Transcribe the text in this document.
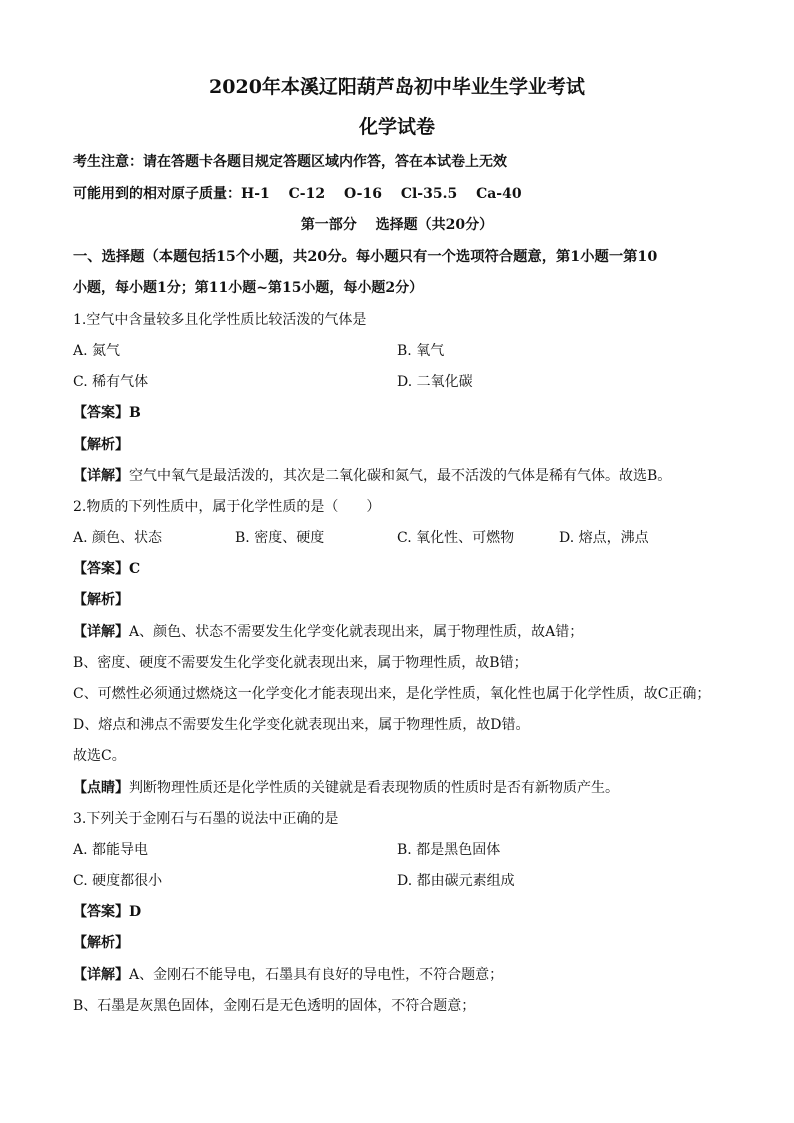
2020年本溪辽阳葫芦岛初中毕业生学业考试
化学试卷
考生注意：请在答题卡各题目规定答题区域内作答，答在本试卷上无效
可能用到的相对原子质量：H-1　 C-12　 O-16　 Cl-35.5　 Ca-40
第一部分　 选择题（共20分）
一、选择题（本题包括15个小题，共20分。每小题只有一个选项符合题意，第1小题一第10
小题，每小题1分；第11小题~第15小题，每小题2分）
1.空气中含量较多且化学性质比较活泼的气体是
A. 氮气	B. 氧气
C. 稀有气体	D. 二氧化碳
【答案】B
【解析】
【详解】空气中氧气是最活泼的，其次是二氧化碳和氮气，最不活泼的气体是稀有气体。故选B。
2.物质的下列性质中，属于化学性质的是（　　）
A. 颜色、状态	B. 密度、硬度	C. 氧化性、可燃物	D. 熔点，沸点
【答案】C
【解析】
【详解】A、颜色、状态不需要发生化学变化就表现出来，属于物理性质，故A错；
B、密度、硬度不需要发生化学变化就表现出来，属于物理性质，故B错；
C、可燃性必须通过燃烧这一化学变化才能表现出来，是化学性质，氧化性也属于化学性质，故C正确；
D、熔点和沸点不需要发生化学变化就表现出来，属于物理性质，故D错。
故选C。
【点睛】判断物理性质还是化学性质的关键就是看表现物质的性质时是否有新物质产生。
3.下列关于金刚石与石墨的说法中正确的是
A. 都能导电	B. 都是黑色固体
C. 硬度都很小	D. 都由碳元素组成
【答案】D
【解析】
【详解】A、金刚石不能导电，石墨具有良好的导电性，不符合题意；
B、石墨是灰黑色固体，金刚石是无色透明的固体，不符合题意；
